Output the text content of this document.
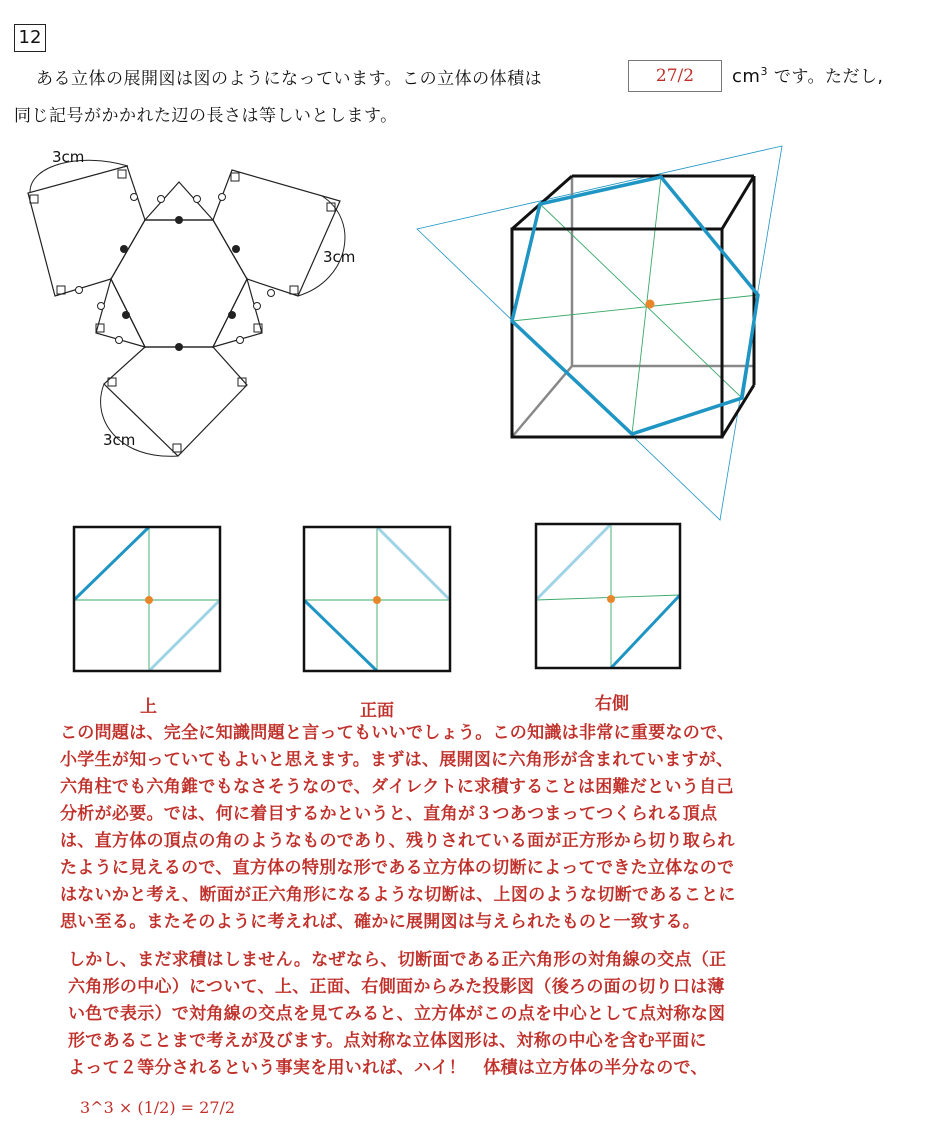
12
ある立体の展開図は図のようになっています。この立体の体積は	27/2	$cm^3$ です。ただし,
同じ記号がかかれた辺の長さは等しいとします。
3cm
3cm
3cm
上	正面	右側

この問題は、完全に知識問題と言ってもいいでしょう。この知識は非常に重要なので、

小学生が知っていてもよいと思えます。まずは、展開図に六角形が含まれていますが、

六角柱でも六角錐でもなさそうなので、ダイレクトに求積することは困難だという自己

分析が必要。では、何に着目するかというと、直角が３つあつまってつくられる頂点

は、直方体の頂点の角のようなものであり、残りされている面が正方形から切り取られ

たように見えるので、直方体の特別な形である立方体の切断によってできた立体なので

はないかと考え、断面が正六角形になるような切断は、上図のような切断であることに

思い至る。またそのように考えれば、確かに展開図は与えられたものと一致する。

しかし、まだ求積はしません。なぜなら、切断面である正六角形の対角線の交点（正

六角形の中心）について、上、正面、右側面からみた投影図（後ろの面の切り口は薄

い色で表示）で対角線の交点を見てみると、立方体がこの点を中心として点対称な図

形であることまで考えが及びます。点対称な立体図形は、対称の中心を含む平面に

よって２等分されるという事実を用いれば、ハイ！　体積は立方体の半分なので、

3^3 × (1/2) = 27/2
